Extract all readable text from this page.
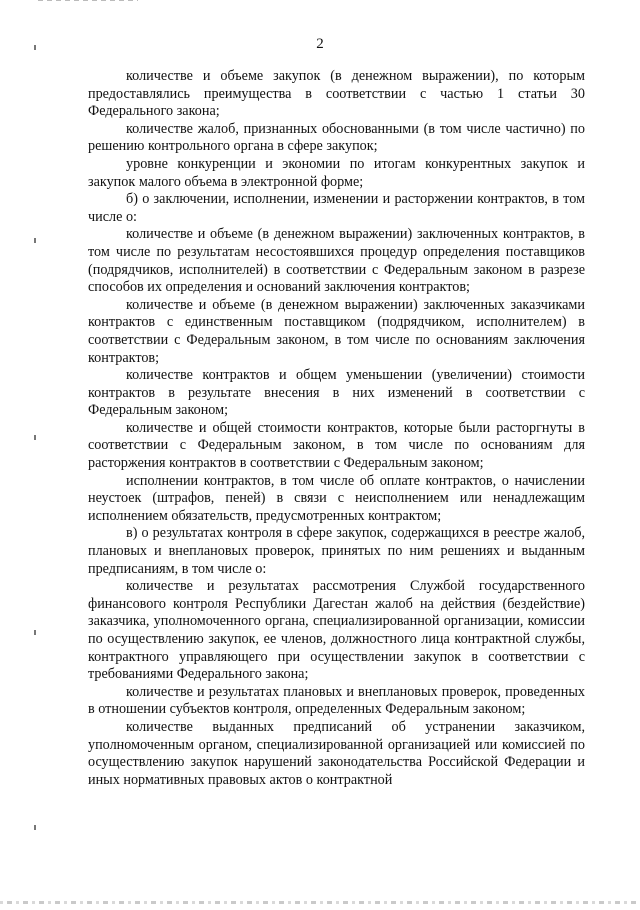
2

количестве и объеме закупок (в денежном выражении), по которым предоставлялись преимущества в соответствии с частью 1 статьи 30 Федерального закона;

количестве жалоб, признанных обоснованными (в том числе частично) по решению контрольного органа в сфере закупок;

уровне конкуренции и экономии по итогам конкурентных закупок и закупок малого объема в электронной форме;

б) о заключении, исполнении, изменении и расторжении контрактов, в том числе о:

количестве и объеме (в денежном выражении) заключенных контрактов, в том числе по результатам несостоявшихся процедур определения поставщиков (подрядчиков, исполнителей) в соответствии с Федеральным законом в разрезе способов их определения и оснований заключения контрактов;

количестве и объеме (в денежном выражении) заключенных заказчиками контрактов с единственным поставщиком (подрядчиком, исполнителем) в соответствии с Федеральным законом, в том числе по основаниям заключения контрактов;

количестве контрактов и общем уменьшении (увеличении) стоимости контрактов в результате внесения в них изменений в соответствии с Федеральным законом;

количестве и общей стоимости контрактов, которые были расторгнуты в соответствии с Федеральным законом, в том числе по основаниям для расторжения контрактов в соответствии с Федеральным законом;

исполнении контрактов, в том числе об оплате контрактов, о начислении неустоек (штрафов, пеней) в связи с неисполнением или ненадлежащим исполнением обязательств, предусмотренных контрактом;

в) о результатах контроля в сфере закупок, содержащихся в реестре жалоб, плановых и внеплановых проверок, принятых по ним решениях и выданным предписаниям, в том числе о:

количестве и результатах рассмотрения Службой государственного финансового контроля Республики Дагестан жалоб на действия (бездействие) заказчика, уполномоченного органа, специализированной организации, комиссии по осуществлению закупок, ее членов, должностного лица контрактной службы, контрактного управляющего при осуществлении закупок в соответствии с требованиями Федерального закона;

количестве и результатах плановых и внеплановых проверок, проведенных в отношении субъектов контроля, определенных Федеральным законом;

количестве выданных предписаний об устранении заказчиком, уполномоченным органом, специализированной организацией или комиссией по осуществлению закупок нарушений законодательства Российской Федерации и иных нормативных правовых актов о контрактной
